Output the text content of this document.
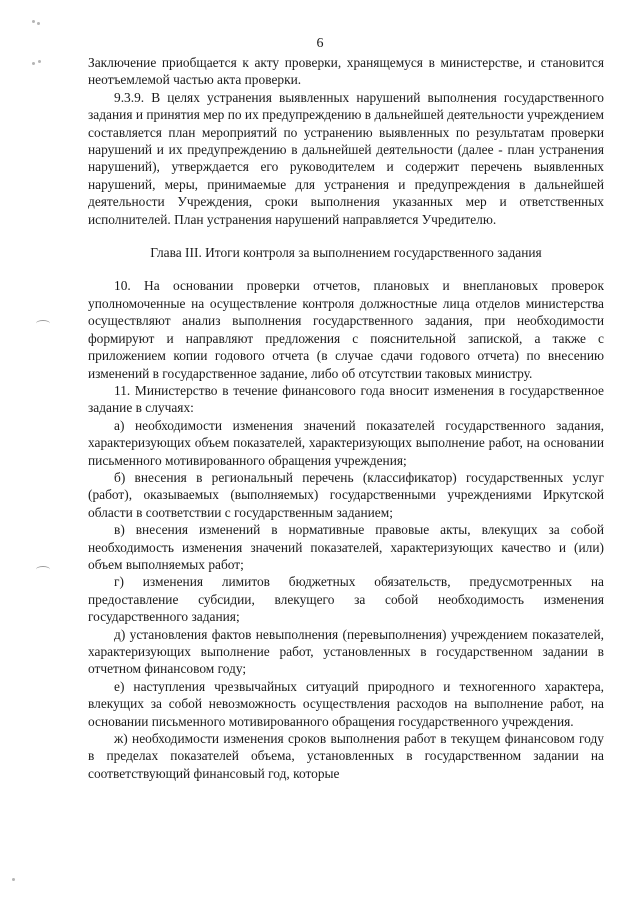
6

Заключение приобщается к акту проверки, хранящемуся в министерстве, и становится неотъемлемой частью акта проверки.

9.3.9. В целях устранения выявленных нарушений выполнения государственного задания и принятия мер по их предупреждению в дальнейшей деятельности учреждением составляется план мероприятий по устранению выявленных по результатам проверки нарушений и их предупреждению в дальнейшей деятельности (далее - план устранения нарушений), утверждается его руководителем и содержит перечень выявленных нарушений, меры, принимаемые для устранения и предупреждения в дальнейшей деятельности Учреждения, сроки выполнения указанных мер и ответственных исполнителей. План устранения нарушений направляется Учредителю.

Глава III. Итоги контроля за выполнением государственного задания

10. На основании проверки отчетов, плановых и внеплановых проверок уполномоченные на осуществление контроля должностные лица отделов министерства осуществляют анализ выполнения государственного задания, при необходимости формируют и направляют предложения с пояснительной запиской, а также с приложением копии годового отчета (в случае сдачи годового отчета) по внесению изменений в государственное задание, либо об отсутствии таковых министру.

11. Министерство в течение финансового года вносит изменения в государственное задание в случаях:

а) необходимости изменения значений показателей государственного задания, характеризующих объем показателей, характеризующих выполнение работ, на основании письменного мотивированного обращения учреждения;

б) внесения в региональный перечень (классификатор) государственных услуг (работ), оказываемых (выполняемых) государственными учреждениями Иркутской области в соответствии с государственным заданием;

в) внесения изменений в нормативные правовые акты, влекущих за собой необходимость изменения значений показателей, характеризующих качество и (или) объем выполняемых работ;

г) изменения лимитов бюджетных обязательств, предусмотренных на предоставление субсидии, влекущего за собой необходимость изменения государственного задания;

д) установления фактов невыполнения (перевыполнения) учреждением показателей, характеризующих выполнение работ, установленных в государственном задании в отчетном финансовом году;

е) наступления чрезвычайных ситуаций природного и техногенного характера, влекущих за собой невозможность осуществления расходов на выполнение работ, на основании письменного мотивированного обращения государственного учреждения.

ж) необходимости изменения сроков выполнения работ в текущем финансовом году в пределах показателей объема, установленных в государственном задании на соответствующий финансовый год, которые
